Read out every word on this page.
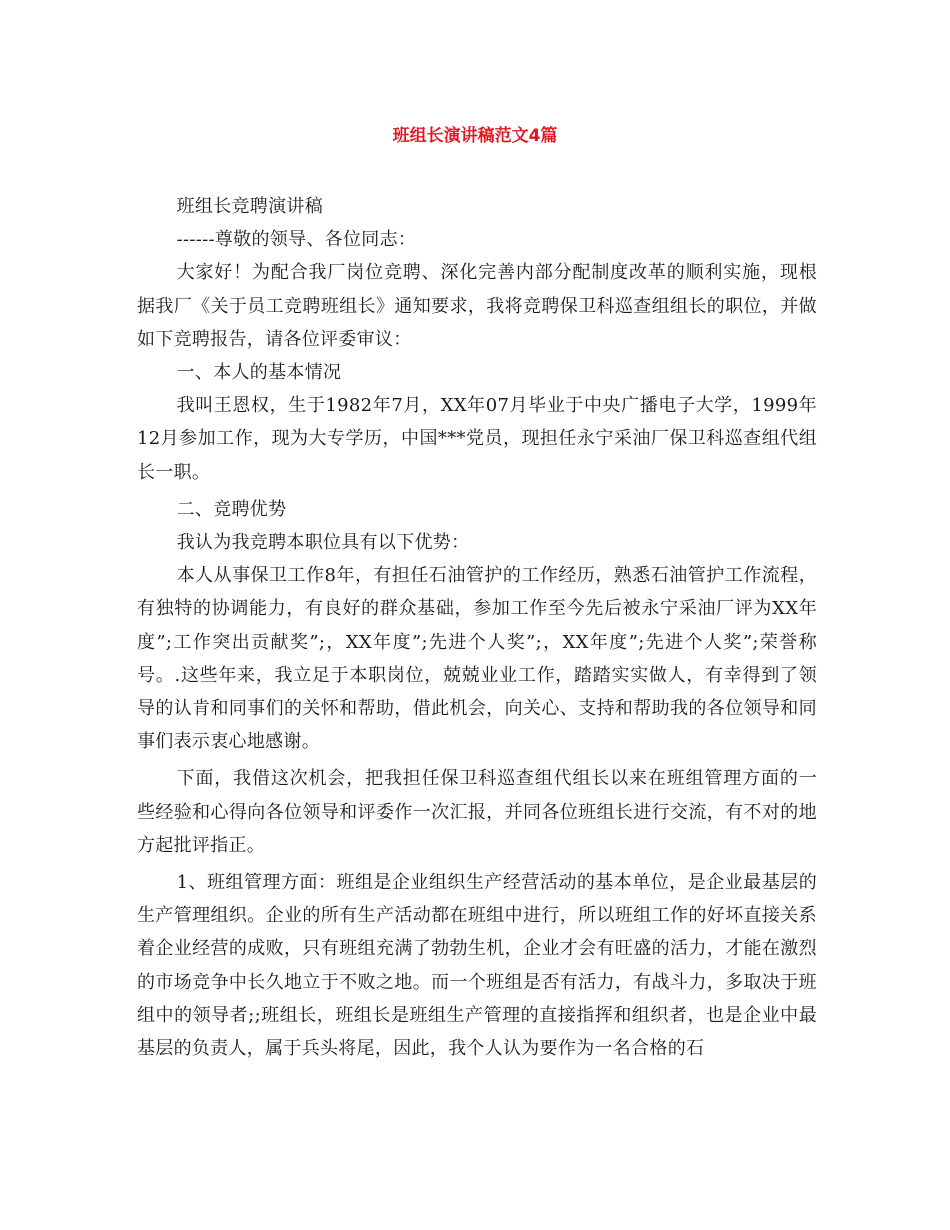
班组长演讲稿范文4篇

班组长竞聘演讲稿

------尊敬的领导、各位同志：

大家好！为配合我厂岗位竞聘、深化完善内部分配制度改革的顺利实施，现根据我厂《关于员工竞聘班组长》通知要求，我将竞聘保卫科巡查组组长的职位，并做如下竞聘报告，请各位评委审议：

一、本人的基本情况

我叫王恩权，生于1982年7月，XX年07月毕业于中央广播电子大学，1999年12月参加工作，现为大专学历，中国***党员，现担任永宁采油厂保卫科巡查组代组长一职。

二、竞聘优势

我认为我竞聘本职位具有以下优势：

本人从事保卫工作8年，有担任石油管护的工作经历，熟悉石油管护工作流程，有独特的协调能力，有良好的群众基础，参加工作至今先后被永宁采油厂评为XX年度”;工作突出贡献奖”;，XX年度”;先进个人奖”;，XX年度”;先进个人奖”;荣誉称号。.这些年来，我立足于本职岗位，兢兢业业工作，踏踏实实做人，有幸得到了领导的认肯和同事们的关怀和帮助，借此机会，向关心、支持和帮助我的各位领导和同事们表示衷心地感谢。

下面，我借这次机会，把我担任保卫科巡查组代组长以来在班组管理方面的一些经验和心得向各位领导和评委作一次汇报，并同各位班组长进行交流，有不对的地方起批评指正。

1、班组管理方面：班组是企业组织生产经营活动的基本单位，是企业最基层的生产管理组织。企业的所有生产活动都在班组中进行，所以班组工作的好坏直接关系着企业经营的成败，只有班组充满了勃勃生机，企业才会有旺盛的活力，才能在激烈的市场竞争中长久地立于不败之地。而一个班组是否有活力，有战斗力，多取决于班组中的领导者;;班组长，班组长是班组生产管理的直接指挥和组织者，也是企业中最基层的负责人，属于兵头将尾，因此，我个人认为要作为一名合格的石
